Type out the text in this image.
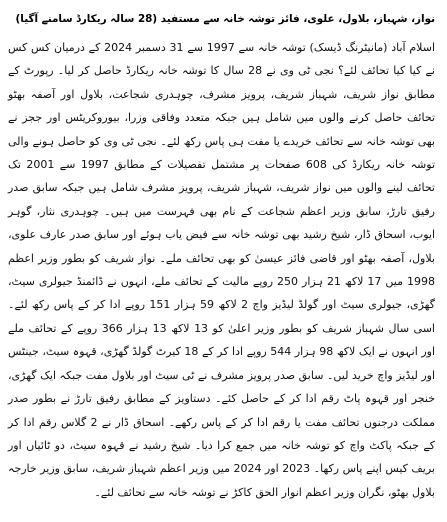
نواز، شہباز، بلاول، علوی، فائز توشہ خانہ سے مستفید (28 سالہ ریکارڈ سامنے آگیا)

اسلام آباد (مانیٹرنگ ڈیسک) توشہ خانہ سے 1997 سے 31 دسمبر 2024 کے درمیان کس کس نے کیا کیا تحائف لئے؟ نجی ٹی وی نے 28 سال کا توشہ خانہ ریکارڈ حاصل کر لیا۔ رپورٹ کے مطابق نواز شریف، شہباز شریف، پرویز مشرف، چوہدری شجاعت، بلاول اور آصفہ بھٹو تحائف حاصل کرنے والوں میں شامل ہیں جبکہ متعدد وفاقی وزرا، بیوروکریٹس اور ججز نے بھی توشہ خانہ سے تحائف خریدے یا مفت ہی پاس رکھ لئے۔ نجی ٹی وی کو حاصل ہونے والی توشہ خانہ ریکارڈ کی 608 صفحات پر مشتمل تفصیلات کے مطابق 1997 سے 2001 تک تحائف لینے والوں میں نواز شریف، شہباز شریف، پرویز مشرف شامل ہیں جبکہ سابق صدر رفیق تارڑ، سابق وزیر اعظم شجاعت کے نام بھی فہرست میں ہیں۔ چوہدری نثار، گوہر ایوب، اسحاق ڈار، شیخ رشید بھی توشہ خانہ سے فیض یاب ہوئے اور سابق صدر عارف علوی، بلاول، آصفہ بھٹو اور قاضی فائز عیسیٰ کو بھی تحائف ملے۔ نواز شریف کو بطور وزیر اعظم 1998 میں 17 لاکھ 21 ہزار 250 روپے مالیت کے تحائف ملے، انہوں نے ڈائمنڈ جیولری سیٹ، گھڑی، جیولری سیٹ اور گولڈ لیڈیز واچ 2 لاکھ 59 ہزار 151 روپے ادا کر کے پاس رکھ لئے۔ اسی سال شہباز شریف کو بطور وزیر اعلیٰ کو 13 لاکھ 13 ہزار 366 روپے کے تحائف ملے اور انہوں نے ایک لاکھ 98 ہزار 544 روپے ادا کر کے 18 کیرٹ گولڈ گھڑی، قہوہ سیٹ، جینٹس اور لیڈیز واچ خرید لیں۔ سابق صدر پرویز مشرف نے ٹی سیٹ اور بلاول مفت جبکہ ایک گھڑی، خنجر اور قہوہ پاٹ رقم ادا کر کے حاصل کئے۔ دستاویز کے مطابق رفیق تارڑ نے بطور صدر مملکت درجنوں تحائف مفت یا رقم ادا کر کے پاس رکھے۔ اسحاق ڈار نے 2 گلاس رقم ادا کر کے جبکہ پاکٹ واچ کو توشہ خانہ میں جمع کرا دیا۔ شیخ رشید نے قہوہ سیٹ، دو ٹائیاں اور بریف کیس اپنے پاس رکھا۔ 2023 اور 2024 میں وزیر اعظم شہباز شریف، سابق وزیر خارجہ بلاول بھٹو، نگران وزیر اعظم انوار الحق کاکڑ نے توشہ خانہ سے تحائف لئے۔
